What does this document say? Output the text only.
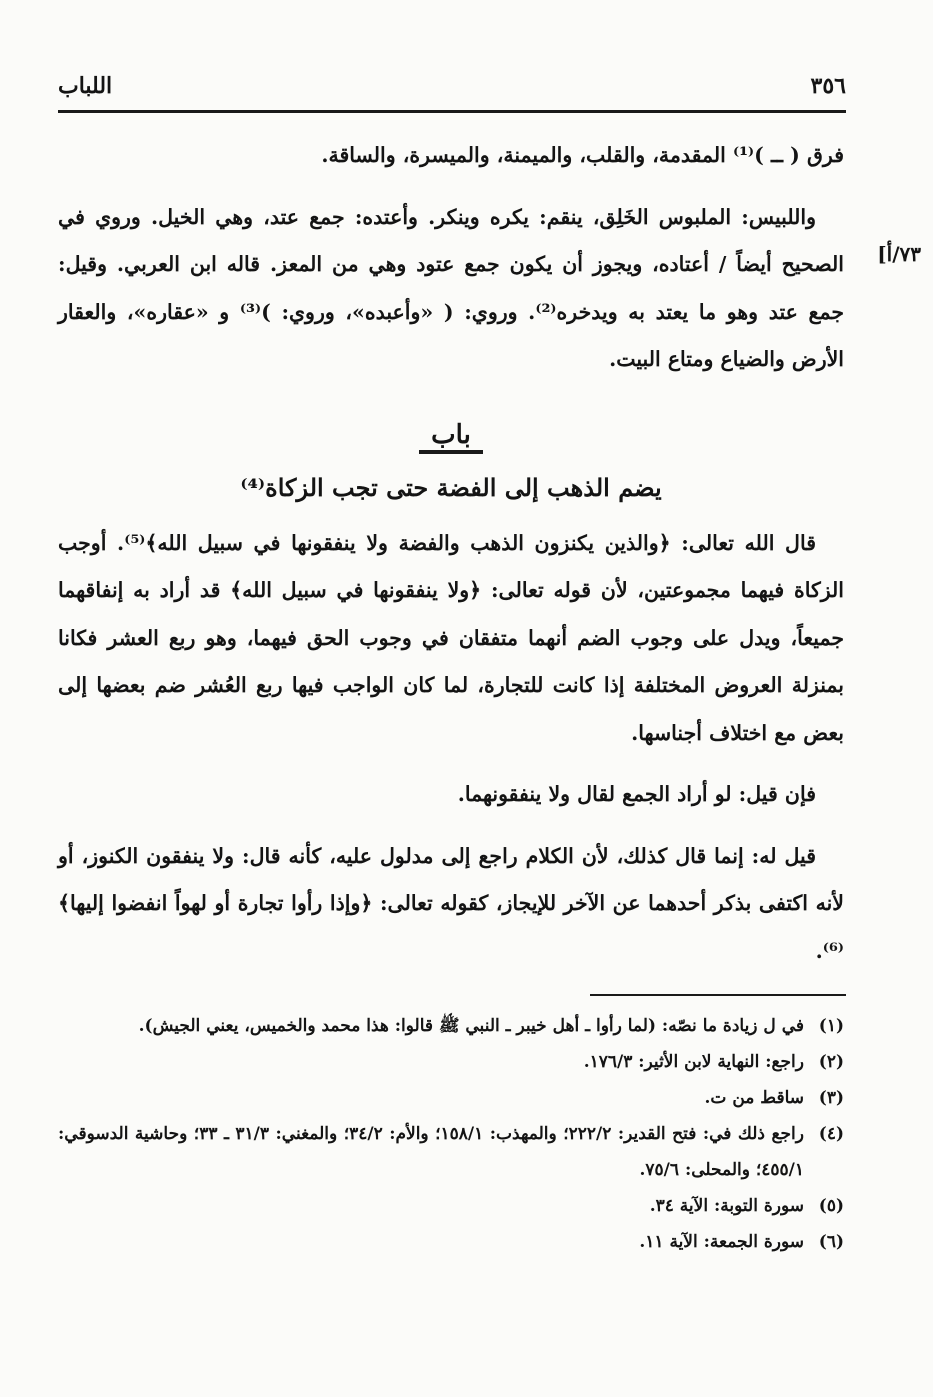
٣٥٦
اللباب
٧٣/أ]

فرق ( ــ )⁽¹⁾ المقدمة، والقلب، والميمنة، والميسرة، والساقة.

واللبيس: الملبوس الخَلِق، ينقم: يكره وينكر. وأعتده: جمع عتد، وهي الخيل. وروي في الصحيح أيضاً / أعتاده، ويجوز أن يكون جمع عتود وهي من المعز. قاله ابن العربي. وقيل: جمع عتد وهو ما يعتد به ويدخره⁽²⁾. وروي: ( «وأعبده»، وروي: )⁽³⁾ و «عقاره»، والعقار الأرض والضياع ومتاع البيت.

باب
يضم الذهب إلى الفضة حتى تجب الزكاة⁽⁴⁾

قال الله تعالى: ﴿والذين يكنزون الذهب والفضة ولا ينفقونها في سبيل الله﴾⁽⁵⁾. أوجب الزكاة فيهما مجموعتين، لأن قوله تعالى: ﴿ولا ينفقونها في سبيل الله﴾ قد أراد به إنفاقهما جميعاً، ويدل على وجوب الضم أنهما متفقان في وجوب الحق فيهما، وهو ربع العشر فكانا بمنزلة العروض المختلفة إذا كانت للتجارة، لما كان الواجب فيها ربع العُشر ضم بعضها إلى بعض مع اختلاف أجناسها.

فإن قيل: لو أراد الجمع لقال ولا ينفقونهما.

قيل له: إنما قال كذلك، لأن الكلام راجع إلى مدلول عليه، كأنه قال: ولا ينفقون الكنوز، أو لأنه اكتفى بذكر أحدهما عن الآخر للإيجاز، كقوله تعالى: ﴿وإذا رأوا تجارة أو لهواً انفضوا إليها﴾⁽⁶⁾.

(١)
في ل زيادة ما نصّه: (لما رأوا ـ أهل خيبر ـ النبي ﷺ قالوا: هذا محمد والخميس، يعني الجيش).
(٢)
راجع: النهاية لابن الأثير: ١٧٦/٣.
(٣)
ساقط من ت.
(٤)
راجع ذلك في: فتح القدير: ٢٢٢/٢؛ والمهذب: ١٥٨/١؛ والأم: ٣٤/٢؛ والمغني: ٣١/٣ ـ ٣٣؛ وحاشية الدسوقي: ٤٥٥/١؛ والمحلى: ٧٥/٦.
(٥)
سورة التوبة: الآية ٣٤.
(٦)
سورة الجمعة: الآية ١١.
